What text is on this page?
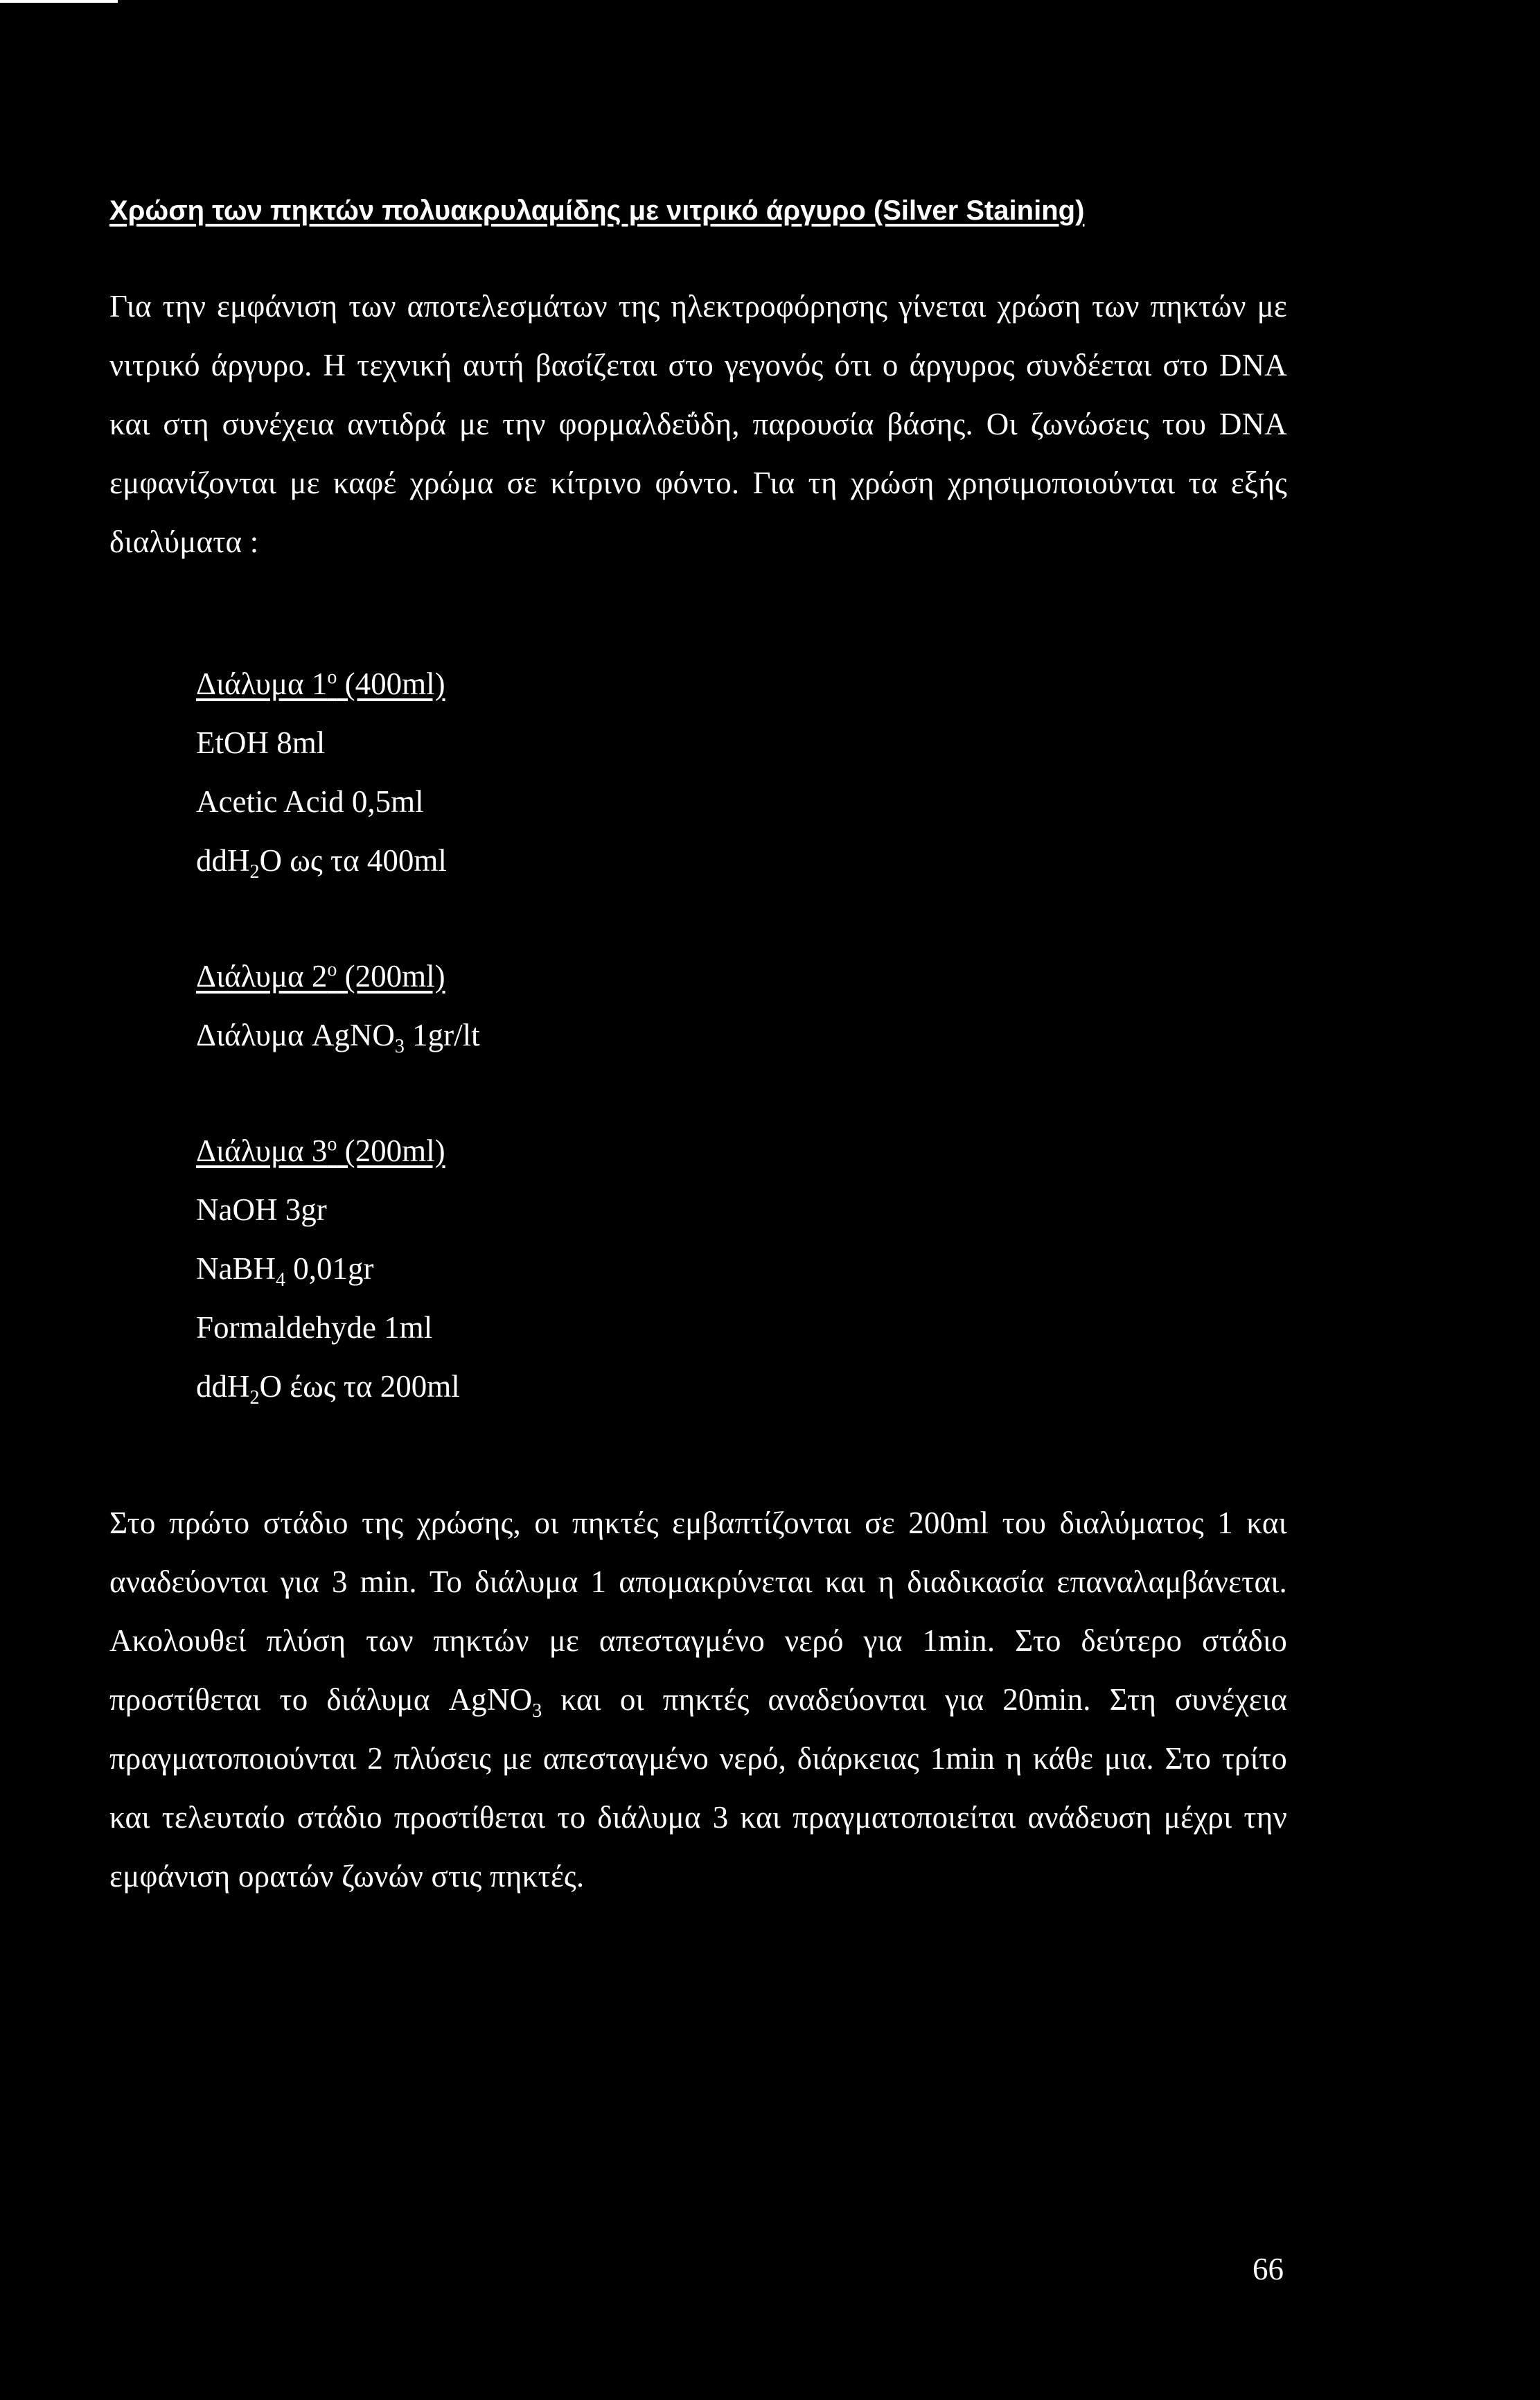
Χρώση των πηκτών πολυακρυλαμίδης με νιτρικό άργυρο (Silver Staining)

Για την εμφάνιση των αποτελεσμάτων της ηλεκτροφόρησης γίνεται χρώση των πηκτών με νιτρικό άργυρο. Η τεχνική αυτή βασίζεται στο γεγονός ότι ο άργυρος συνδέεται στο DNA και στη συνέχεια αντιδρά με την φορμαλδεΰδη, παρουσία βάσης. Οι ζωνώσεις του DNA εμφανίζονται με καφέ χρώμα σε κίτρινο φόντο. Για τη χρώση χρησιμοποιούνται τα εξής διαλύματα :

Διάλυμα $1^o$ (400ml)
EtOH 8ml
Acetic Acid 0,5ml
ddH$_2$O ως τα 400ml
Διάλυμα $2^o$ (200ml)
Διάλυμα AgNO$_3$ 1gr/lt
Διάλυμα $3^o$ (200ml)
NaOH 3gr
NaBH$_4$ 0,01gr
Formaldehyde 1ml
ddH$_2$O έως τα 200ml

Στο πρώτο στάδιο της χρώσης, οι πηκτές εμβαπτίζονται σε 200ml του διαλύματος 1 και αναδεύονται για 3 min. Το διάλυμα 1 απομακρύνεται και η διαδικασία επαναλαμβάνεται. Ακολουθεί πλύση των πηκτών με απεσταγμένο νερό για 1min. Στο δεύτερο στάδιο προστίθεται το διάλυμα AgNO$_3$ και οι πηκτές αναδεύονται για 20min. Στη συνέχεια πραγματοποιούνται 2 πλύσεις με απεσταγμένο νερό, διάρκειας 1min η κάθε μια. Στο τρίτο και τελευταίο στάδιο προστίθεται το διάλυμα 3 και πραγματοποιείται ανάδευση μέχρι την εμφάνιση ορατών ζωνών στις πηκτές.

66
